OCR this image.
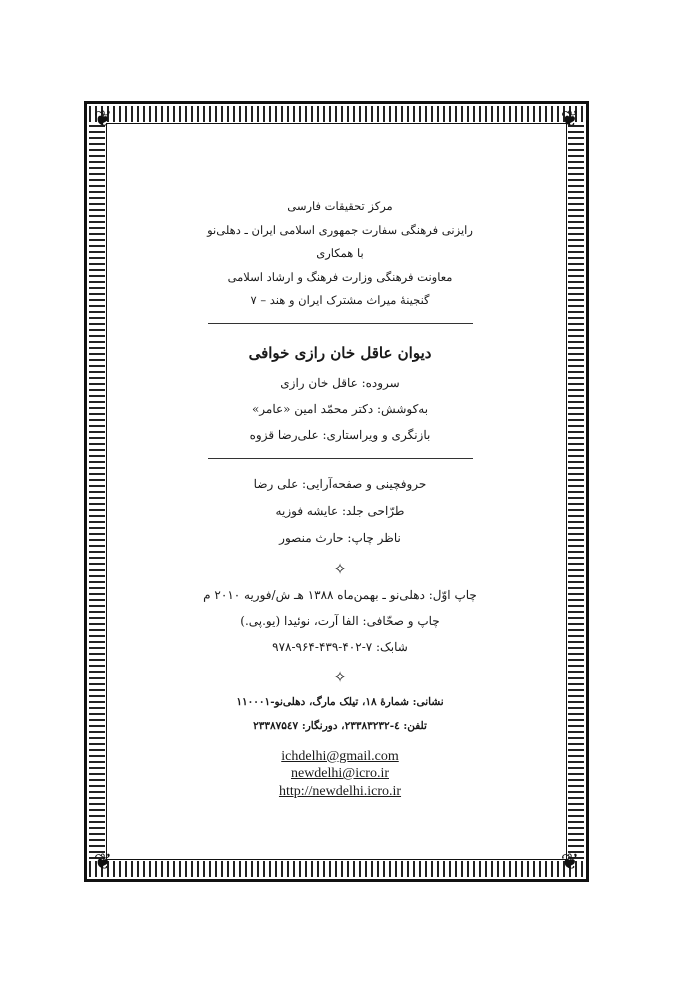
❦	❦
❦	❦

مرکز تحقیقات فارسی

رایزنی فرهنگی سفارت جمهوری اسلامی ایران ـ دهلی‌نو

با همکاری

معاونت فرهنگی وزارت فرهنگ و ارشاد اسلامی

گنجینهٔ میراث مشترک ایران و هند – ۷

دیوان عاقل خان رازی خوافی

سروده: عاقل خان رازی

به‌کوشش: دکتر محمّد امین «عامر»

بازنگری و ویراستاری: علی‌رضا قزوه

حروفچینی و صفحه‌آرایی: علی رضا

طرّاحی جلد: عایشه فوزیه

ناظر چاپ: حارث منصور

✧

چاپ اوّل: دهلی‌نو ـ بهمن‌ماه ۱۳۸۸ هـ ش/فوریه ۲۰۱۰ م

چاپ و صحّافی: الفا آرت، نوئیدا (یو.پی.)

شابک: ۷-۴۰۲-۴۳۹-۹۶۴-۹۷۸

✧

نشانی: شمارهٔ ۱۸، تیلک مارگ، دهلی‌نو-۱۱۰۰۰۱

تلفن: ٤-۲۳۳۸۳۲۳۲، دورنگار: ۲۳۳۸۷۵٤۷

ichdelhi@gmail.com
newdelhi@icro.ir
http://newdelhi.icro.ir
